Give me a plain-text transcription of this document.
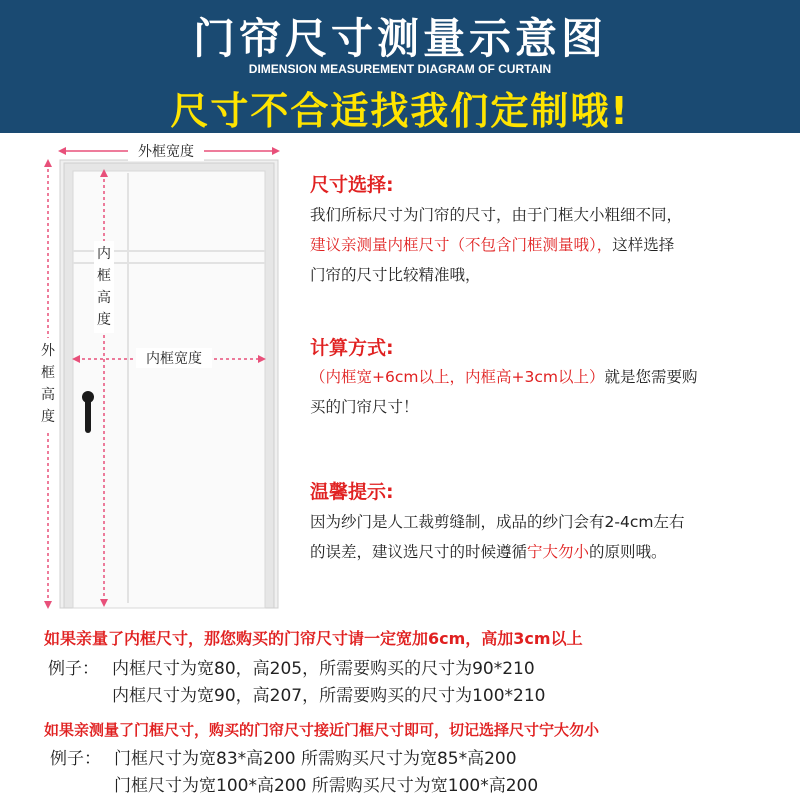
门帘尺寸测量示意图
DIMENSION MEASUREMENT DIAGRAM OF CURTAIN
尺寸不合适找我们定制哦!
外框宽度
内框宽度
内框高度
外框高度
尺寸选择:
我们所标尺寸为门帘的尺寸，由于门框大小粗细不同，
建议亲测量内框尺寸（不包含门框测量哦），这样选择
门帘的尺寸比较精准哦，
计算方式:
（内框宽+6cm以上，内框高+3cm以上）就是您需要购
买的门帘尺寸！
温馨提示:
因为纱门是人工裁剪缝制，成品的纱门会有2-4cm左右
的误差，建议选尺寸的时候遵循宁大勿小的原则哦。
如果亲量了内框尺寸，那您购买的门帘尺寸请一定宽加6cm，高加3cm以上
例子： 内框尺寸为宽80，高205，所需要购买的尺寸为90*210
内框尺寸为宽90，高207，所需要购买的尺寸为100*210
如果亲测量了门框尺寸，购买的门帘尺寸接近门框尺寸即可，切记选择尺寸宁大勿小
例子： 门框尺寸为宽83*高200 所需购买尺寸为宽85*高200
门框尺寸为宽100*高200 所需购买尺寸为宽100*高200
